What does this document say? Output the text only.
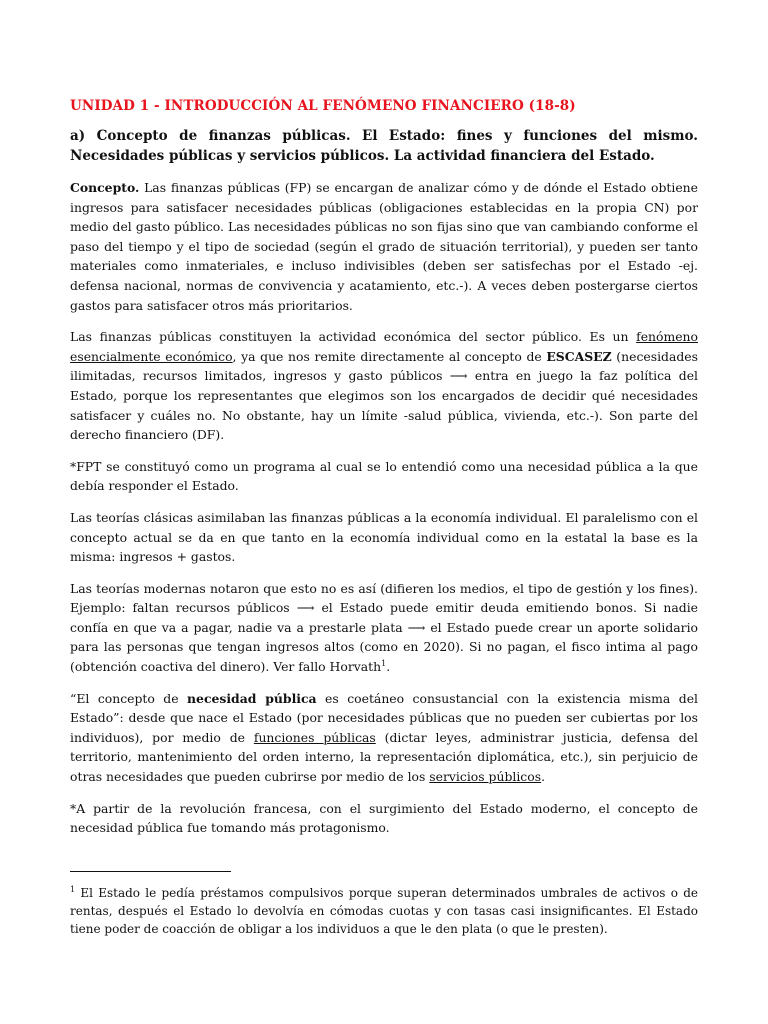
UNIDAD 1 - INTRODUCCIÓN AL FENÓMENO FINANCIERO (18-8)
a) Concepto de finanzas públicas. El Estado: fines y funciones del mismo. Necesidades públicas y servicios públicos. La actividad financiera del Estado.

Concepto. Las finanzas públicas (FP) se encargan de analizar cómo y de dónde el Estado obtiene ingresos para satisfacer necesidades públicas (obligaciones establecidas en la propia CN) por medio del gasto público. Las necesidades públicas no son fijas sino que van cambiando conforme el paso del tiempo y el tipo de sociedad (según el grado de situación territorial), y pueden ser tanto materiales como inmateriales, e incluso indivisibles (deben ser satisfechas por el Estado -ej. defensa nacional, normas de convivencia y acatamiento, etc.-). A veces deben postergarse ciertos gastos para satisfacer otros más prioritarios.

Las finanzas públicas constituyen la actividad económica del sector público. Es un fenómeno esencialmente económico, ya que nos remite directamente al concepto de ESCASEZ (necesidades ilimitadas, recursos limitados, ingresos y gasto públicos ⟶ entra en juego la faz política del Estado, porque los representantes que elegimos son los encargados de decidir qué necesidades satisfacer y cuáles no. No obstante, hay un límite -salud pública, vivienda, etc.-). Son parte del derecho financiero (DF).

*FPT se constituyó como un programa al cual se lo entendió como una necesidad pública a la que debía responder el Estado.

Las teorías clásicas asimilaban las finanzas públicas a la economía individual. El paralelismo con el concepto actual se da en que tanto en la economía individual como en la estatal la base es la misma: ingresos + gastos.

Las teorías modernas notaron que esto no es así (difieren los medios, el tipo de gestión y los fines). Ejemplo: faltan recursos públicos ⟶ el Estado puede emitir deuda emitiendo bonos. Si nadie confía en que va a pagar, nadie va a prestarle plata ⟶ el Estado puede crear un aporte solidario para las personas que tengan ingresos altos (como en 2020). Si no pagan, el fisco intima al pago (obtención coactiva del dinero). Ver fallo Horvath$^1$.

“El concepto de necesidad pública es coetáneo consustancial con la existencia misma del Estado”: desde que nace el Estado (por necesidades públicas que no pueden ser cubiertas por los individuos), por medio de funciones públicas (dictar leyes, administrar justicia, defensa del territorio, mantenimiento del orden interno, la representación diplomática, etc.), sin perjuicio de otras necesidades que pueden cubrirse por medio de los servicios públicos.

*A partir de la revolución francesa, con el surgimiento del Estado moderno, el concepto de necesidad pública fue tomando más protagonismo.

$^1$ El Estado le pedía préstamos compulsivos porque superan determinados umbrales de activos o de rentas, después el Estado lo devolvía en cómodas cuotas y con tasas casi insignificantes. El Estado tiene poder de coacción de obligar a los individuos a que le den plata (o que le presten).
